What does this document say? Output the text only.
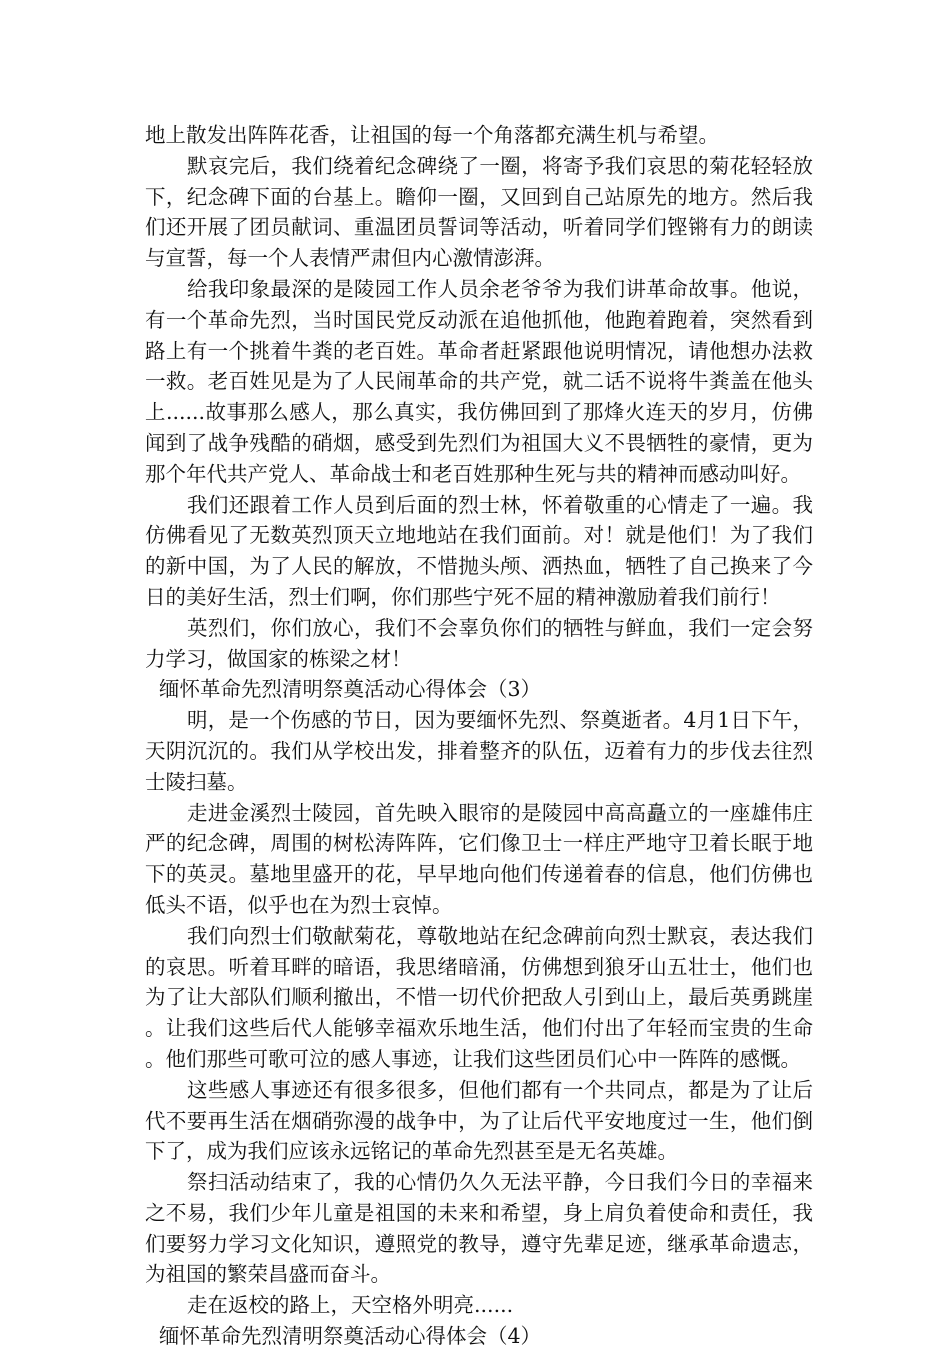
地上散发出阵阵花香，让祖国的每一个角落都充满生机与希望。

默哀完后，我们绕着纪念碑绕了一圈，将寄予我们哀思的菊花轻轻放下，纪念碑下面的台基上。瞻仰一圈，又回到自己站原先的地方。然后我们还开展了团员献词、重温团员誓词等活动，听着同学们铿锵有力的朗读与宣誓，每一个人表情严肃但内心激情澎湃。

给我印象最深的是陵园工作人员余老爷爷为我们讲革命故事。他说，有一个革命先烈，当时国民党反动派在追他抓他，他跑着跑着，突然看到路上有一个挑着牛粪的老百姓。革命者赶紧跟他说明情况，请他想办法救一救。老百姓见是为了人民闹革命的共产党，就二话不说将牛粪盖在他头上......故事那么感人，那么真实，我仿佛回到了那烽火连天的岁月，仿佛闻到了战争残酷的硝烟，感受到先烈们为祖国大义不畏牺牲的豪情，更为那个年代共产党人、革命战士和老百姓那种生死与共的精神而感动叫好。

我们还跟着工作人员到后面的烈士林，怀着敬重的心情走了一遍。我仿佛看见了无数英烈顶天立地地站在我们面前。对！就是他们！为了我们的新中国，为了人民的解放，不惜抛头颅、洒热血，牺牲了自己换来了今日的美好生活，烈士们啊，你们那些宁死不屈的精神激励着我们前行！

英烈们，你们放心，我们不会辜负你们的牺牲与鲜血，我们一定会努力学习，做国家的栋梁之材！

缅怀革命先烈清明祭奠活动心得体会（3）

明，是一个伤感的节日，因为要缅怀先烈、祭奠逝者。4月1日下午，天阴沉沉的。我们从学校出发，排着整齐的队伍，迈着有力的步伐去往烈士陵扫墓。

走进金溪烈士陵园，首先映入眼帘的是陵园中高高矗立的一座雄伟庄严的纪念碑，周围的树松涛阵阵，它们像卫士一样庄严地守卫着长眠于地下的英灵。墓地里盛开的花，早早地向他们传递着春的信息，他们仿佛也低头不语，似乎也在为烈士哀悼。

我们向烈士们敬献菊花，尊敬地站在纪念碑前向烈士默哀，表达我们的哀思。听着耳畔的暗语，我思绪暗涌，仿佛想到狼牙山五壮士，他们也为了让大部队们顺利撤出，不惜一切代价把敌人引到山上，最后英勇跳崖。让我们这些后代人能够幸福欢乐地生活，他们付出了年轻而宝贵的生命。他们那些可歌可泣的感人事迹，让我们这些团员们心中一阵阵的感慨。

这些感人事迹还有很多很多，但他们都有一个共同点，都是为了让后代不要再生活在烟硝弥漫的战争中，为了让后代平安地度过一生，他们倒下了，成为我们应该永远铭记的革命先烈甚至是无名英雄。

祭扫活动结束了，我的心情仍久久无法平静，今日我们今日的幸福来之不易，我们少年儿童是祖国的未来和希望，身上肩负着使命和责任，我们要努力学习文化知识，遵照党的教导，遵守先辈足迹，继承革命遗志，为祖国的繁荣昌盛而奋斗。

走在返校的路上，天空格外明亮......

缅怀革命先烈清明祭奠活动心得体会（4）
